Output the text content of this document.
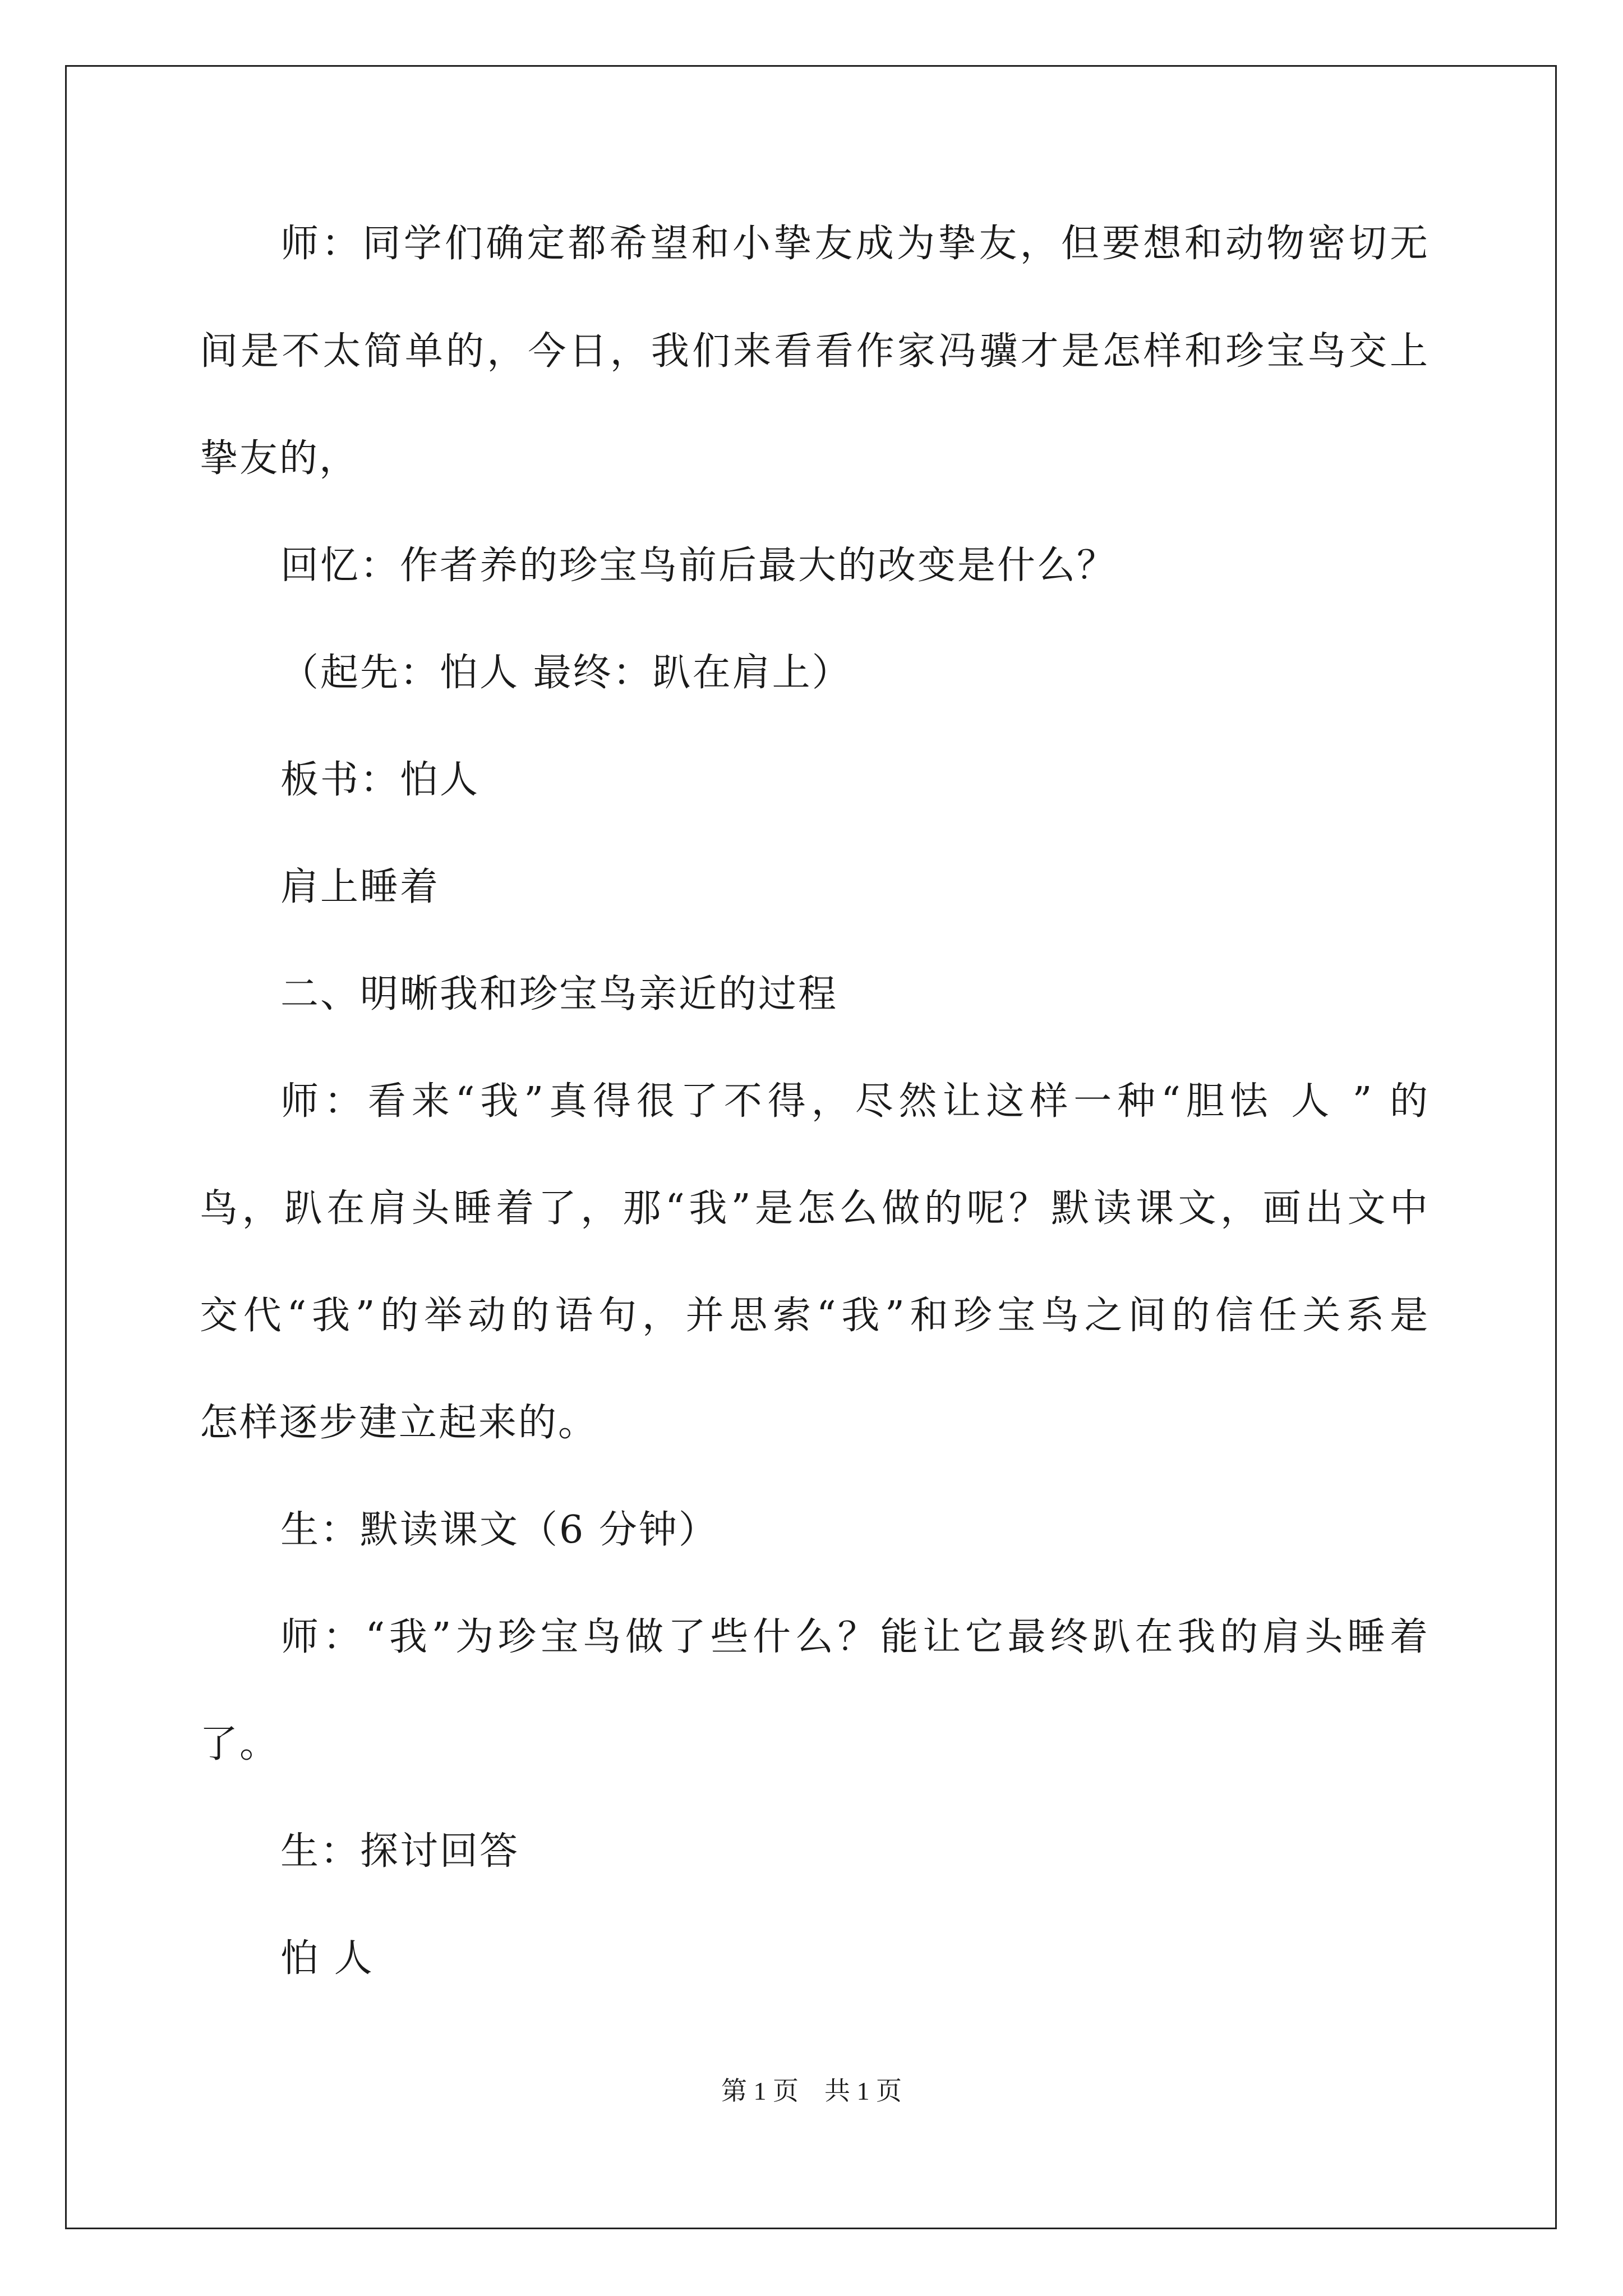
师：同学们确定都希望和小挚友成为挚友，但要想和动物密切无
间是不太简单的，今日，我们来看看作家冯骥才是怎样和珍宝鸟交上
挚友的，
回忆：作者养的珍宝鸟前后最大的改变是什么？
（起先：怕人 最终：趴在肩上）
板书：怕人
肩上睡着
二、明晰我和珍宝鸟亲近的过程
师：看来“我”真得很了不得，尽然让这样一种“胆怯 人 ” 的
鸟，趴在肩头睡着了，那“我”是怎么做的呢？默读课文，画出文中
交代“我”的举动的语句，并思索“我”和珍宝鸟之间的信任关系是
怎样逐步建立起来的。
生：默读课文（6 分钟）
师：“我”为珍宝鸟做了些什么？能让它最终趴在我的肩头睡着
了。
生：探讨回答
怕 人
第 1 页    共 1 页
